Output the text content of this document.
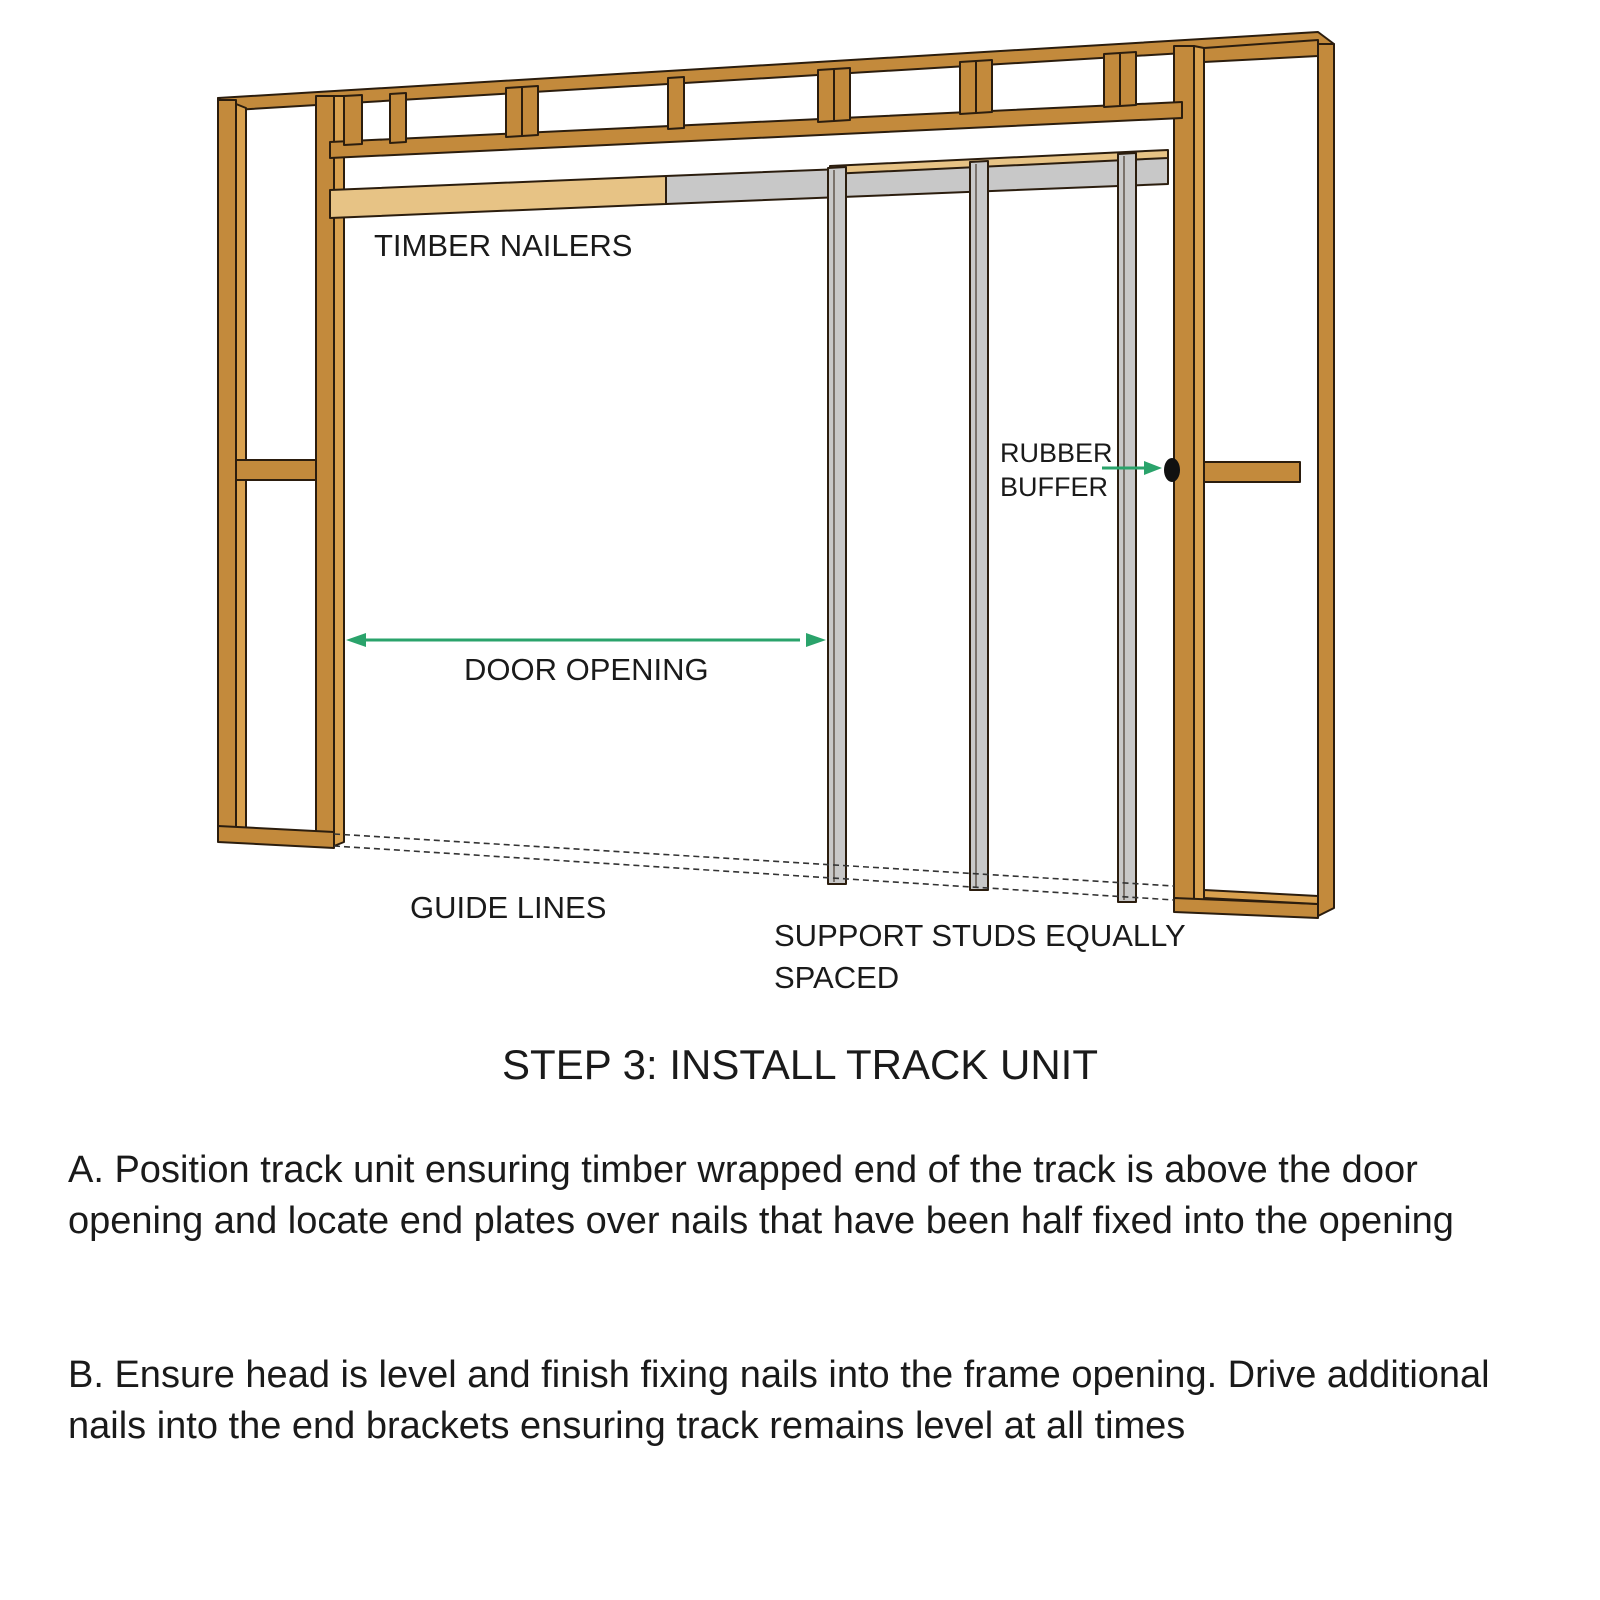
TIMBER NAILERS
RUBBER
BUFFER
DOOR OPENING
GUIDE LINES
SUPPORT STUDS EQUALLY
SPACED
STEP 3: INSTALL TRACK UNIT

A. Position track unit ensuring timber wrapped end of the track is above the door opening and locate end plates over nails that have been half fixed into the opening

B. Ensure head is level and finish fixing nails into the frame opening. Drive additional nails into the end brackets ensuring track remains level at all times
